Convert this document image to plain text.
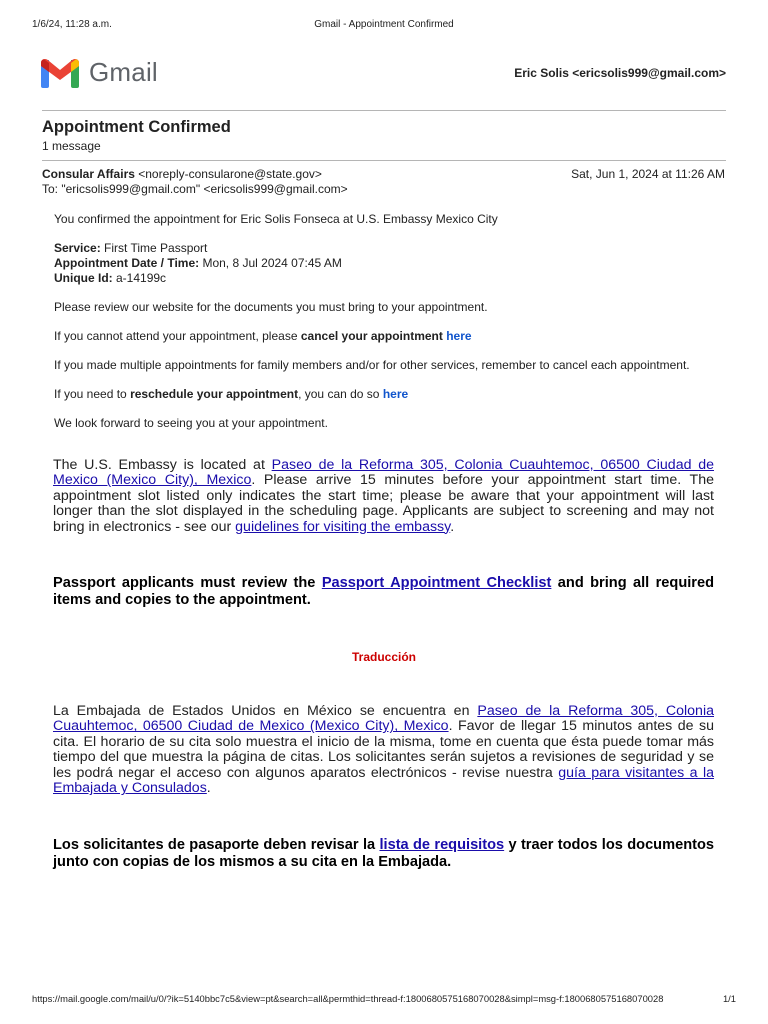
1/6/24, 11:28 a.m.	Gmail - Appointment Confirmed
Gmail	Eric Solis <ericsolis999@gmail.com>
Appointment Confirmed
1 message
Consular Affairs <noreply-consularone@state.gov>	Sat, Jun 1, 2024 at 11:26 AM
To: "ericsolis999@gmail.com" <ericsolis999@gmail.com>
You confirmed the appointment for Eric Solis Fonseca at U.S. Embassy Mexico City
Service: First Time Passport
Appointment Date / Time: Mon, 8 Jul 2024 07:45 AM
Unique Id: a-14199c
Please review our website for the documents you must bring to your appointment.
If you cannot attend your appointment, please cancel your appointment here
If you made multiple appointments for family members and/or for other services, remember to cancel each appointment.
If you need to reschedule your appointment, you can do so here
We look forward to seeing you at your appointment.
The U.S. Embassy is located at Paseo de la Reforma 305, Colonia Cuauhtemoc, 06500 Ciudad de Mexico (Mexico City), Mexico. Please arrive 15 minutes before your appointment start time. The appointment slot listed only indicates the start time; please be aware that your appointment will last longer than the slot displayed in the scheduling page. Applicants are subject to screening and may not bring in electronics - see our guidelines for visiting the embassy.
Passport applicants must review the Passport Appointment Checklist and bring all required items and copies to the appointment.
Traducción
La Embajada de Estados Unidos en México se encuentra en Paseo de la Reforma 305, Colonia Cuauhtemoc, 06500 Ciudad de Mexico (Mexico City), Mexico. Favor de llegar 15 minutos antes de su cita. El horario de su cita solo muestra el inicio de la misma, tome en cuenta que ésta puede tomar más tiempo del que muestra la página de citas. Los solicitantes serán sujetos a revisiones de seguridad y se les podrá negar el acceso con algunos aparatos electrónicos - revise nuestra guía para visitantes a la Embajada y Consulados.
Los solicitantes de pasaporte deben revisar la lista de requisitos y traer todos los documentos junto con copias de los mismos a su cita en la Embajada.
https://mail.google.com/mail/u/0/?ik=5140bbc7c5&view=pt&search=all&permthid=thread-f:1800680575168070028&simpl=msg-f:1800680575168070028	1/1
